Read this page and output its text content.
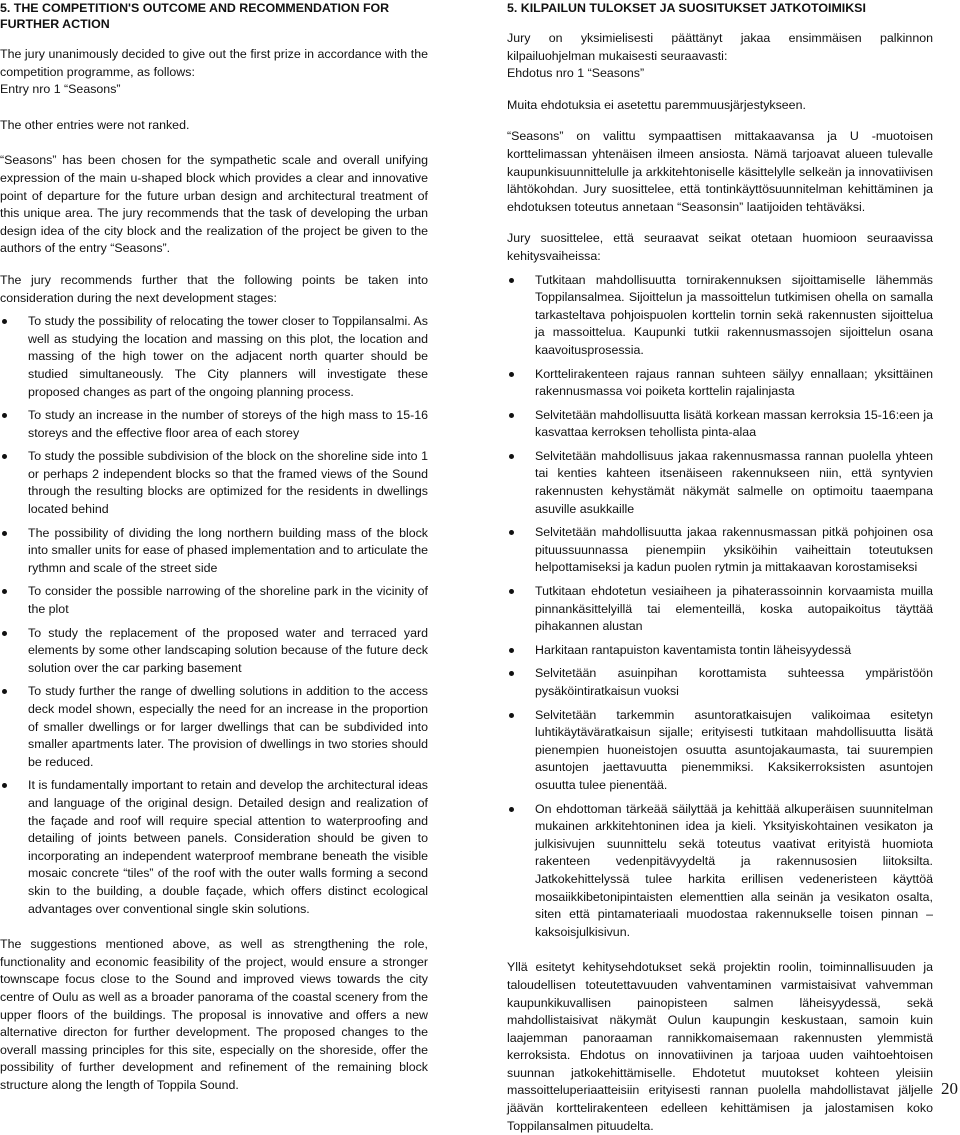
5. THE COMPETITION'S OUTCOME AND RECOMMENDATION FOR FURTHER ACTION

The jury unanimously decided to give out the first prize in accordance with the competition programme, as follows:

Entry nro 1 “Seasons”

The other entries were not ranked.

“Seasons” has been chosen for the sympathetic scale and overall unifying expression of the main u-shaped block which provides a clear and innovative point of departure for the future urban design and architectural treatment of this unique area. The jury recommends that the task of developing the urban design idea of the city block and the realization of the project be given to the authors of the entry “Seasons”.

The jury recommends further that the following points be taken into consideration during the next development stages:

To study the possibility of relocating the tower closer to Toppilansalmi. As well as studying the location and massing on this plot, the location and massing of the high tower on the adjacent north quarter should be studied simultaneously. The City planners will investigate these proposed changes as part of the ongoing planning process.
To study an increase in the number of storeys of the high mass to 15-16 storeys and the effective floor area of each storey
To study the possible subdivision of the block on the shoreline side into 1 or perhaps 2 independent blocks so that the framed views of the Sound through the resulting blocks are optimized for the residents in dwellings located behind
The possibility of dividing the long northern building mass of the block into smaller units for ease of phased implementation and to articulate the rythmn and scale of the street side
To consider the possible narrowing of the shoreline park in the vicinity of the plot
To study the replacement of the proposed water and terraced yard elements by some other landscaping solution because of the future deck solution over the car parking basement
To study further the range of dwelling solutions in addition to the access deck model shown, especially the need for an increase in the proportion of smaller dwellings or for larger dwellings that can be subdivided into smaller apartments later. The provision of dwellings in two stories should be reduced.
It is fundamentally important to retain and develop the architectural ideas and language of the original design. Detailed design and realization of the façade and roof will require special attention to waterproofing and detailing of joints between panels. Consideration should be given to incorporating an independent waterproof membrane beneath the visible mosaic concrete “tiles” of the roof with the outer walls forming a second skin to the building, a double façade, which offers distinct ecological advantages over conventional single skin solutions.

The suggestions mentioned above, as well as strengthening the role, functionality and economic feasibility of the project, would ensure a stronger townscape focus close to the Sound and improved views towards the city centre of Oulu as well as a broader panorama of the coastal scenery from the upper floors of the buildings. The proposal is innovative and offers a new alternative directon for further development. The proposed changes to the overall massing principles for this site, especially on the shoreside, offer the possibility of further development and refinement of the remaining block structure along the length of Toppila Sound.

5. KILPAILUN TULOKSET JA SUOSITUKSET JATKOTOIMIKSI

Jury on yksimielisesti päättänyt jakaa ensimmäisen palkinnon kilpailuohjelman mukaisesti seuraavasti:

Ehdotus nro 1 “Seasons”

Muita ehdotuksia ei asetettu paremmuusjärjestykseen.

“Seasons” on valittu sympaattisen mittakaavansa ja U -muotoisen korttelimassan yhtenäisen ilmeen ansiosta. Nämä tarjoavat alueen tulevalle kaupunkisuunnittelulle ja arkkitehtoniselle käsittelylle selkeän ja innovatiivisen lähtökohdan. Jury suosittelee, että tontinkäyttösuunnitelman kehittäminen ja ehdotuksen toteutus annetaan “Seasonsin” laatijoiden tehtäväksi.

Jury suosittelee, että seuraavat seikat otetaan huomioon seuraavissa kehitysvaiheissa:

Tutkitaan mahdollisuutta tornirakennuksen sijoittamiselle lähemmäs Toppilansalmea. Sijoittelun ja massoittelun tutkimisen ohella on samalla tarkasteltava pohjoispuolen korttelin tornin sekä rakennusten sijoittelua ja massoittelua. Kaupunki tutkii rakennusmassojen sijoittelun osana kaavoitusprosessia.
Korttelirakenteen rajaus rannan suhteen säilyy ennallaan; yksittäinen rakennusmassa voi poiketa korttelin rajalinjasta
Selvitetään mahdollisuutta lisätä korkean massan kerroksia 15-16:een ja kasvattaa kerroksen tehollista pinta-alaa
Selvitetään mahdollisuus jakaa rakennusmassa rannan puolella yhteen tai kenties kahteen itsenäiseen rakennukseen niin, että syntyvien rakennusten kehystämät näkymät salmelle on optimoitu taaempana asuville asukkaille
Selvitetään mahdollisuutta jakaa rakennusmassan pitkä pohjoinen osa pituussuunnassa pienempiin yksiköihin vaiheittain toteutuksen helpottamiseksi ja kadun puolen rytmin ja mittakaavan korostamiseksi
Tutkitaan ehdotetun vesiaiheen ja pihaterassoinnin korvaamista muilla pinnankäsittelyillä tai elementeillä, koska autopaikoitus täyttää pihakannen alustan
Harkitaan rantapuiston kaventamista tontin läheisyydessä
Selvitetään asuinpihan korottamista suhteessa ympäristöön pysäköintiratkaisun vuoksi
Selvitetään tarkemmin asuntoratkaisujen valikoimaa esitetyn luhtikäytäväratkaisun sijalle; erityisesti tutkitaan mahdollisuutta lisätä pienempien huoneistojen osuutta asuntojakaumasta, tai suurempien asuntojen jaettavuutta pienemmiksi. Kaksikerroksisten asuntojen osuutta tulee pienentää.
On ehdottoman tärkeää säilyttää ja kehittää alkuperäisen suunnitelman mukainen arkkitehtoninen idea ja kieli. Yksityiskohtainen vesikaton ja julkisivujen suunnittelu sekä toteutus vaativat erityistä huomiota rakenteen vedenpitävyydeltä ja rakennusosien liitoksilta. Jatkokehittelyssä tulee harkita erillisen vedeneristeen käyttöä mosaiikkibetonipintaisten elementtien alla seinän ja vesikaton osalta, siten että pintamateriaali muodostaa rakennukselle toisen pinnan – kaksoisjulkisivun.

Yllä esitetyt kehitysehdotukset sekä projektin roolin, toiminnallisuuden ja taloudellisen toteutettavuuden vahventaminen varmistaisivat vahvemman kaupunkikuvallisen painopisteen salmen läheisyydessä, sekä mahdollistaisivat näkymät Oulun kaupungin keskustaan, samoin kuin laajemman panoraaman rannikkomaisemaan rakennusten ylemmistä kerroksista. Ehdotus on innovatiivinen ja tarjoaa uuden vaihtoehtoisen suunnan jatkokehittämiselle. Ehdotetut muutokset kohteen yleisiin massoitteluperiaatteisiin erityisesti rannan puolella mahdollistavat jäljelle jäävän korttelirakenteen edelleen kehittämisen ja jalostamisen koko Toppilansalmen pituudelta.

20
